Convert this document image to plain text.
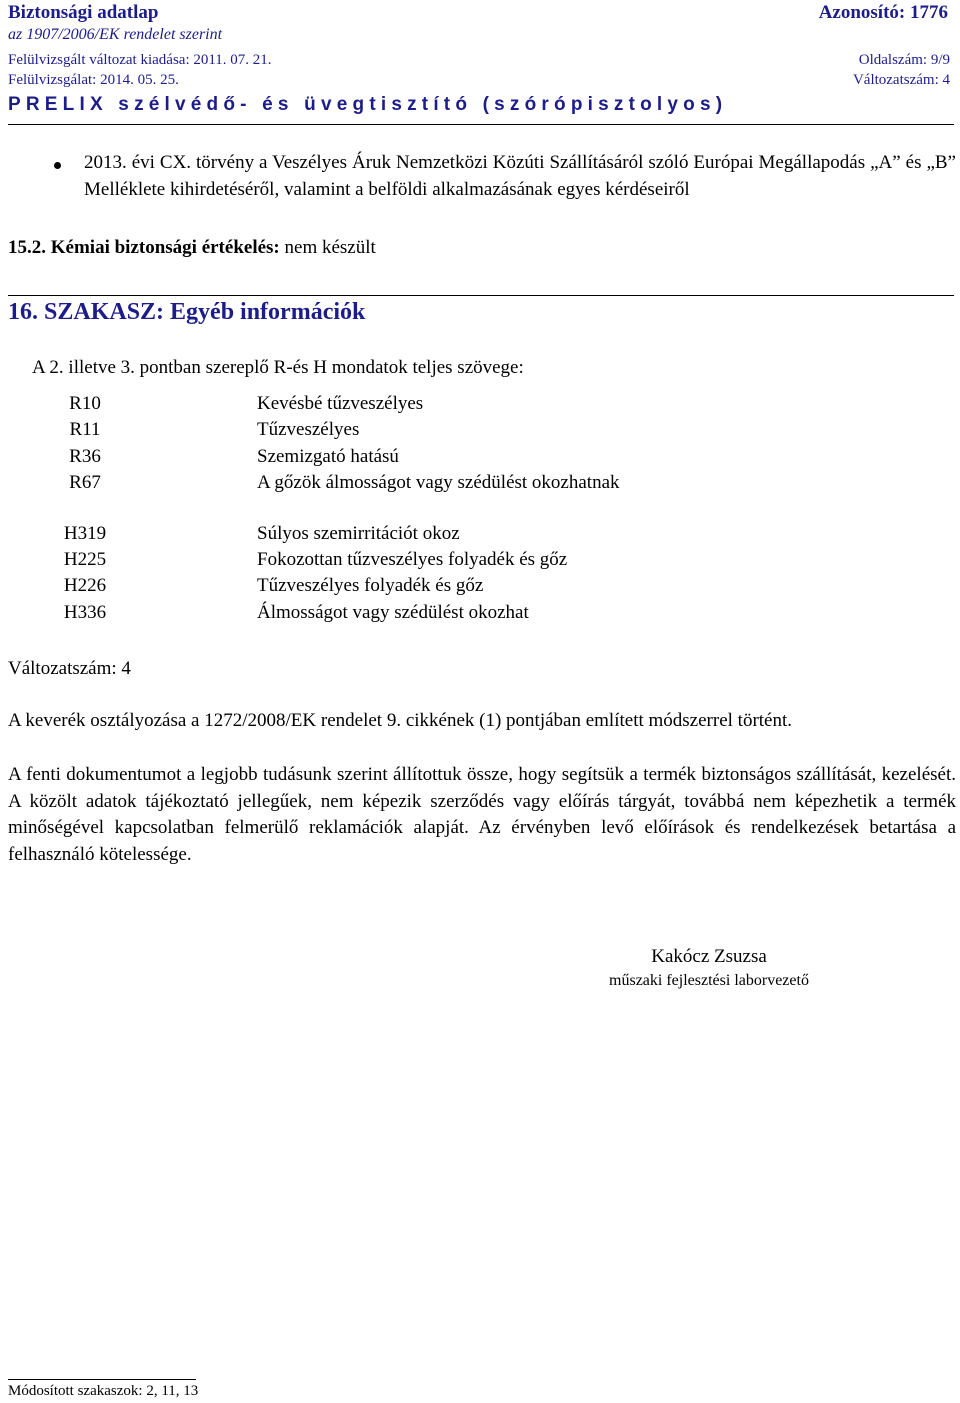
Biztonsági adatlap	Azonosító: 1776
az 1907/2006/EK rendelet szerint
Felülvizsgált változat kiadása: 2011. 07. 21.	Oldalszám: 9/9
Felülvizsgálat: 2014. 05. 25.	Változatszám: 4
PRELIX szélvédő- és üvegtisztító (szórópisztolyos)
2013. évi CX. törvény a Veszélyes Áruk Nemzetközi Közúti Szállításáról szóló Európai Megállapodás „A” és „B” Melléklete kihirdetéséről, valamint a belföldi alkalmazásának egyes kérdéseiről
15.2. Kémiai biztonsági értékelés: nem készült
16. SZAKASZ: Egyéb információk
A 2. illetve 3. pontban szereplő R-és H mondatok teljes szövege:
R10	Kevésbé tűzveszélyes
R11	Tűzveszélyes
R36	Szemizgató hatású
R67	A gőzök álmosságot vagy szédülést okozhatnak
H319	Súlyos szemirritációt okoz
H225	Fokozottan tűzveszélyes folyadék és gőz
H226	Tűzveszélyes folyadék és gőz
H336	Álmosságot vagy szédülést okozhat
Változatszám: 4
A keverék osztályozása a 1272/2008/EK rendelet 9. cikkének (1) pontjában említett módszerrel történt.
A fenti dokumentumot a legjobb tudásunk szerint állítottuk össze, hogy segítsük a termék biztonságos szállítását, kezelését. A közölt adatok tájékoztató jellegűek, nem képezik szerződés vagy előírás tárgyát, továbbá nem képezhetik a termék minőségével kapcsolatban felmerülő reklamációk alapját. Az érvényben levő előírások és rendelkezések betartása a felhasználó kötelessége.
Kakócz Zsuzsa
műszaki fejlesztési laborvezető
Módosított szakaszok: 2, 11, 13
